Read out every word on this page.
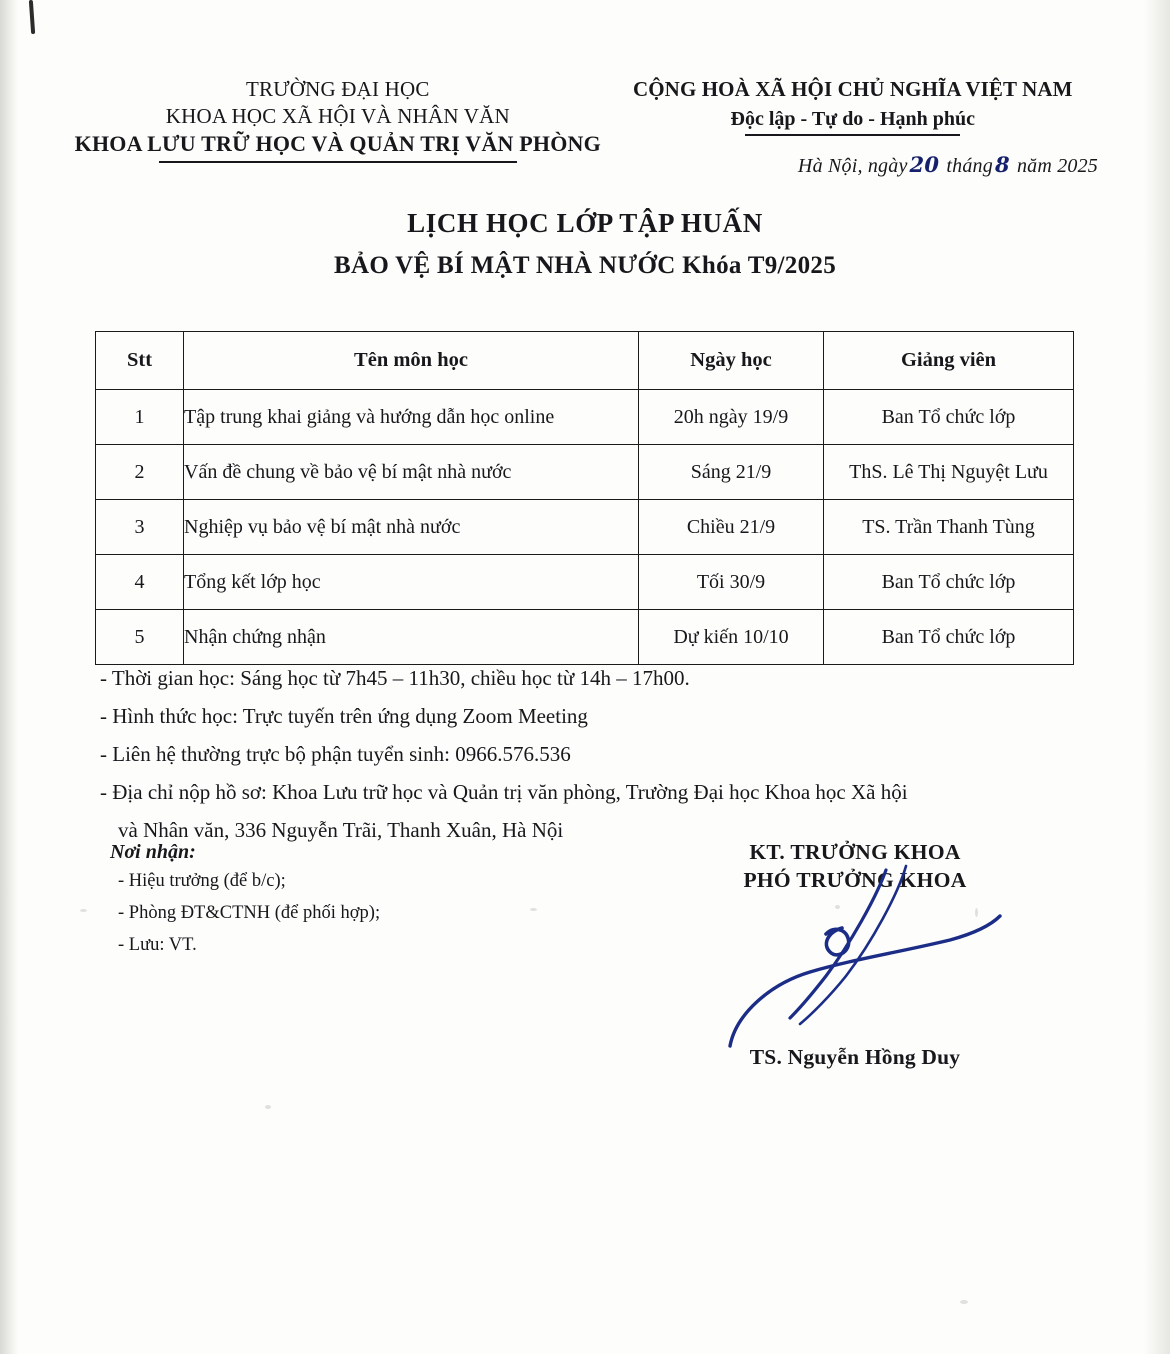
TRƯỜNG ĐẠI HỌC
KHOA HỌC XÃ HỘI VÀ NHÂN VĂN
KHOA LƯU TRỮ HỌC VÀ QUẢN TRỊ VĂN PHÒNG
CỘNG HOÀ XÃ HỘI CHỦ NGHĨA VIỆT NAM
Độc lập - Tự do - Hạnh phúc
Hà Nội, ngày20 tháng8 năm 2025
LỊCH HỌC LỚP TẬP HUẤN
BẢO VỆ BÍ MẬT NHÀ NƯỚC Khóa T9/2025
Stt	Tên môn học	Ngày học	Giảng viên
1	Tập trung khai giảng và hướng dẫn học online	20h ngày 19/9	Ban Tổ chức lớp
2	Vấn đề chung về bảo vệ bí mật nhà nước	Sáng 21/9	ThS. Lê Thị Nguyệt Lưu
3	Nghiệp vụ bảo vệ bí mật nhà nước	Chiều 21/9	TS. Trần Thanh Tùng
4	Tổng kết lớp học	Tối 30/9	Ban Tổ chức lớp
5	Nhận chứng nhận	Dự kiến 10/10	Ban Tổ chức lớp
- Thời gian học: Sáng học từ 7h45 – 11h30, chiều học từ 14h – 17h00.
- Hình thức học: Trực tuyến trên ứng dụng Zoom Meeting
- Liên hệ thường trực bộ phận tuyển sinh: 0966.576.536
- Địa chỉ nộp hồ sơ: Khoa Lưu trữ học và Quản trị văn phòng, Trường Đại học Khoa học Xã hội
và Nhân văn, 336 Nguyễn Trãi, Thanh Xuân, Hà Nội
Nơi nhận:
- Hiệu trưởng (để b/c);
- Phòng ĐT&CTNH (để phối hợp);
- Lưu: VT.
KT. TRƯỞNG KHOA
PHÓ TRƯỞNG KHOA
TS. Nguyễn Hồng Duy
